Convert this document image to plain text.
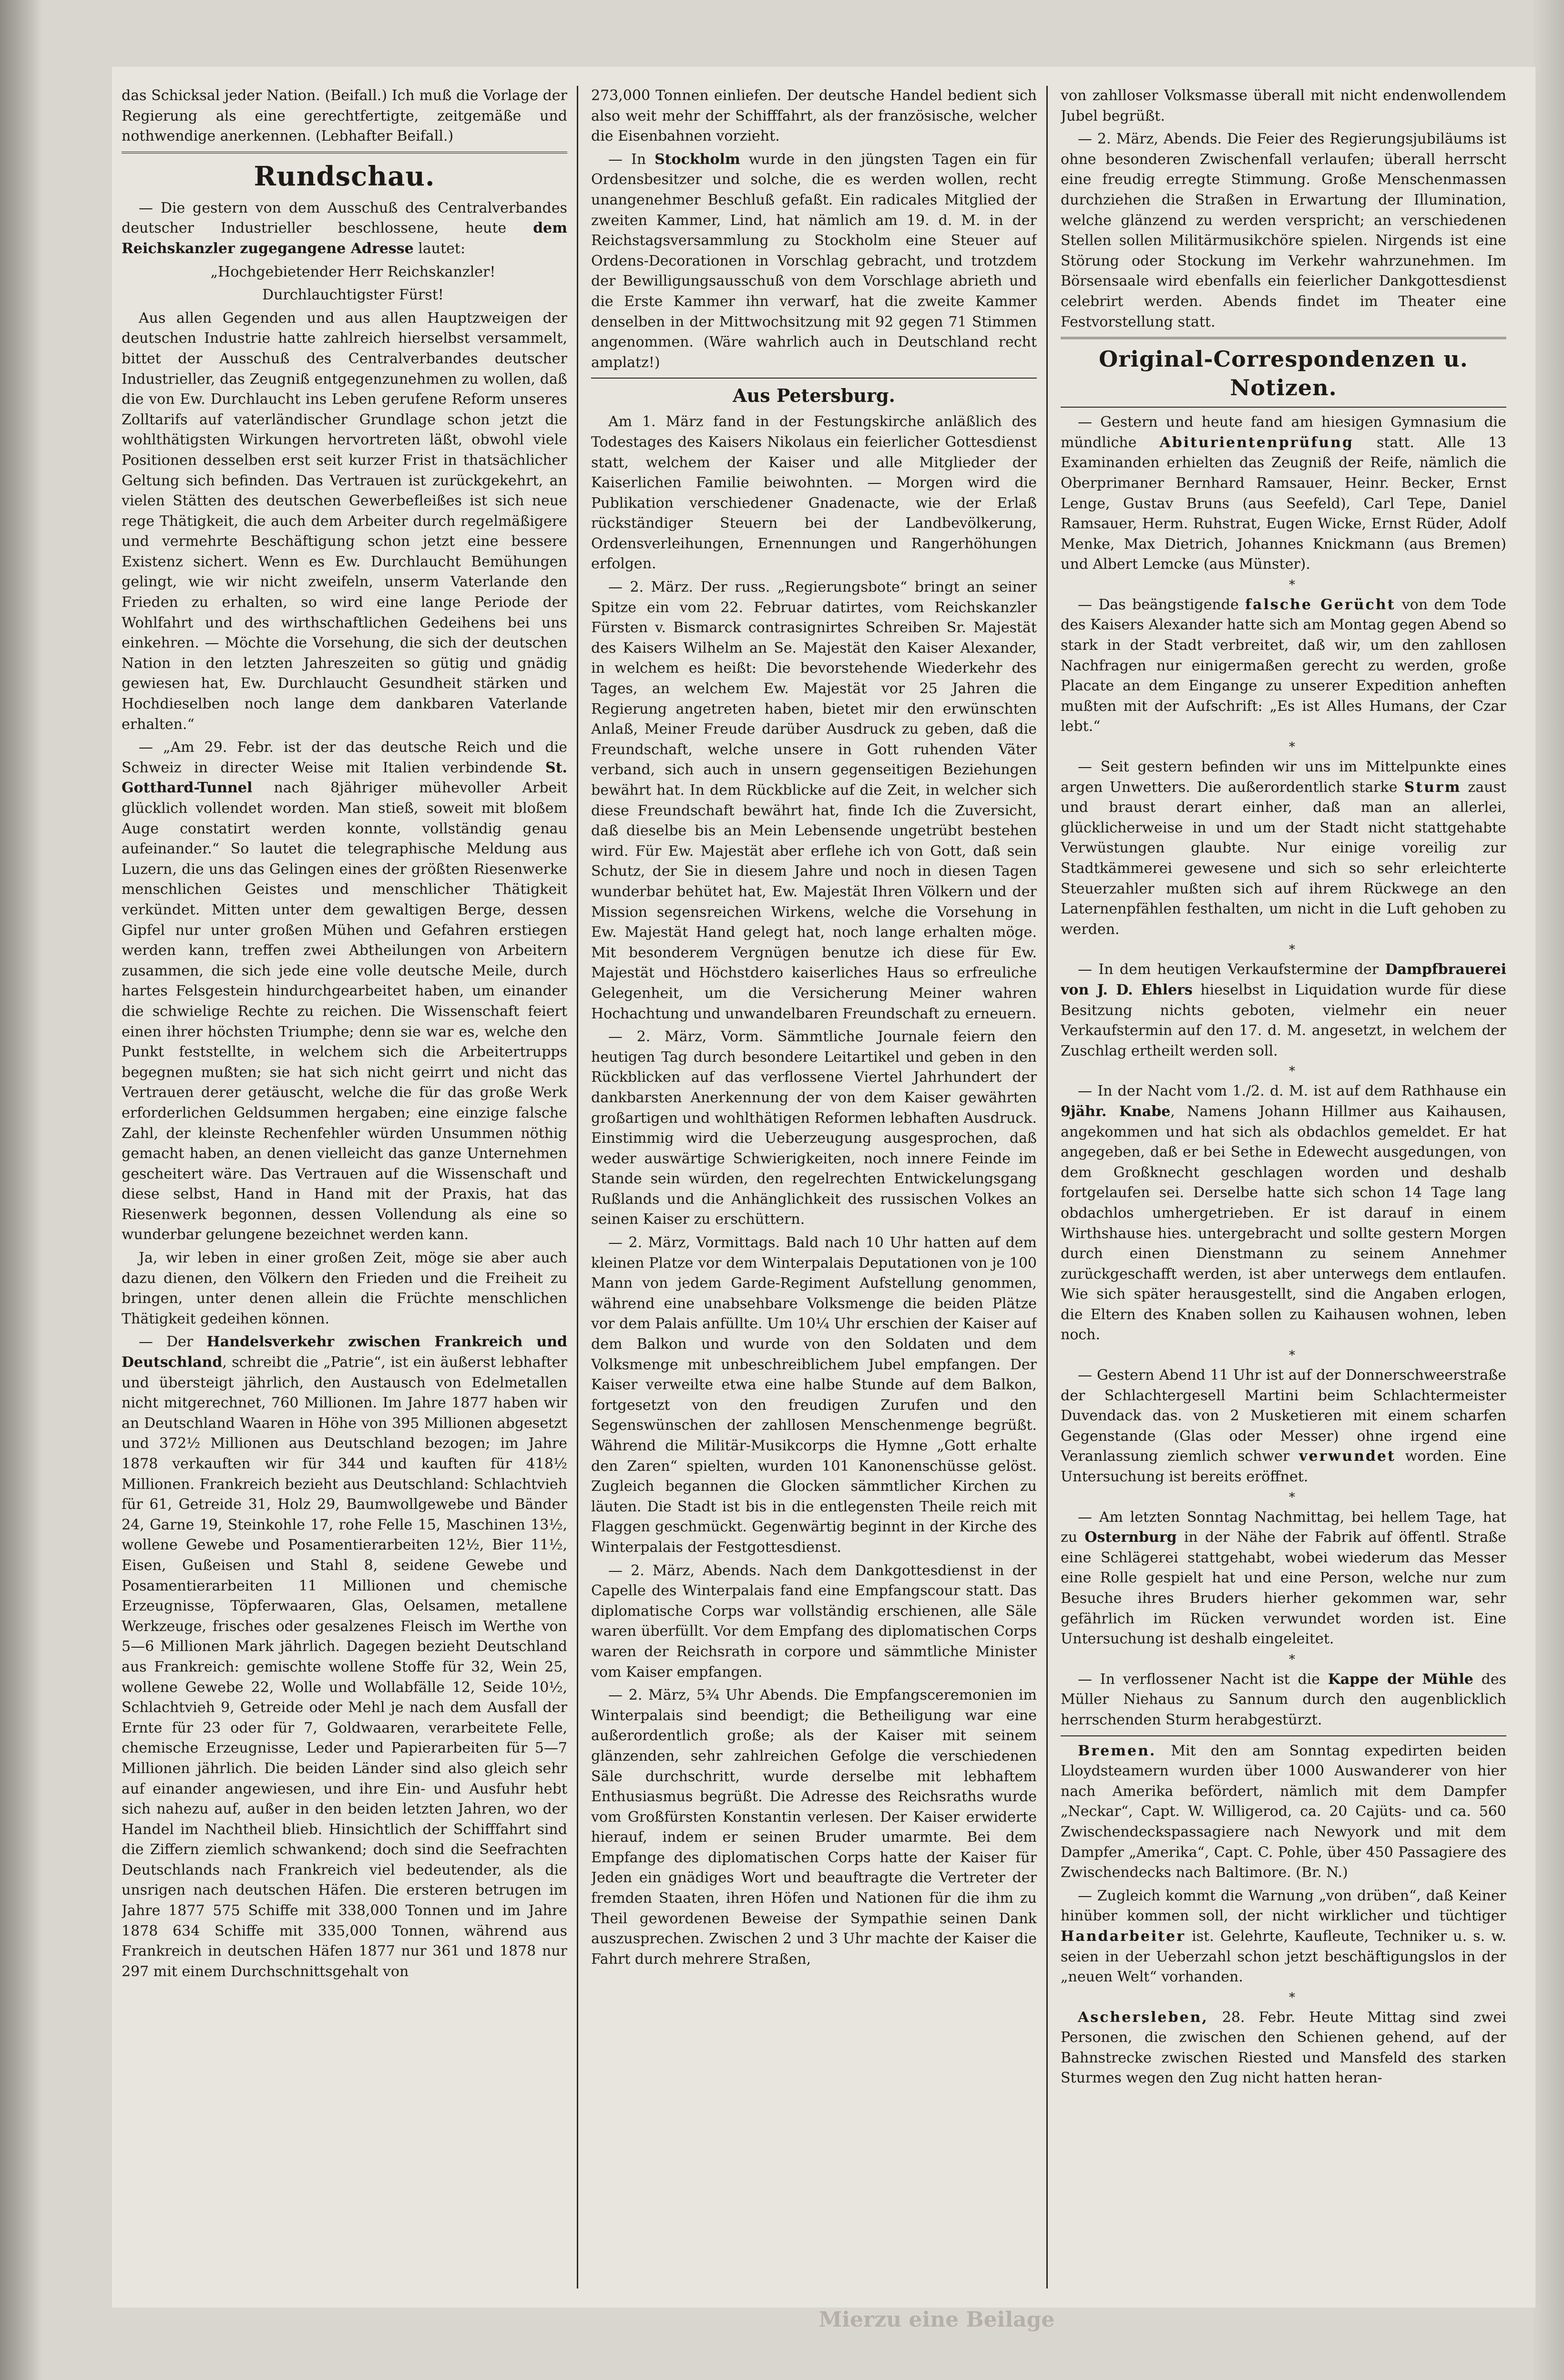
das Schicksal jeder Nation. (Beifall.) Ich muß die Vorlage der Regierung als eine gerechtfertigte, zeitgemäße und nothwendige anerkennen. (Lebhafter Beifall.)

Rundschau.

— Die gestern von dem Ausschuß des Centralverbandes deutscher Industrieller beschlossene, heute dem Reichskanzler zugegangene Adresse lautet:

„Hochgebietender Herr Reichskanzler!

Durchlauchtigster Fürst!

Aus allen Gegenden und aus allen Hauptzweigen der deutschen Industrie hatte zahlreich hierselbst versammelt, bittet der Ausschuß des Centralverbandes deutscher Industrieller, das Zeugniß entgegenzunehmen zu wollen, daß die von Ew. Durchlaucht ins Leben gerufene Reform unseres Zolltarifs auf vaterländischer Grundlage schon jetzt die wohlthätigsten Wirkungen hervortreten läßt, obwohl viele Positionen desselben erst seit kurzer Frist in thatsächlicher Geltung sich befinden. Das Vertrauen ist zurückgekehrt, an vielen Stätten des deutschen Gewerbefleißes ist sich neue rege Thätigkeit, die auch dem Arbeiter durch regelmäßigere und vermehrte Beschäftigung schon jetzt eine bessere Existenz sichert. Wenn es Ew. Durchlaucht Bemühungen gelingt, wie wir nicht zweifeln, unserm Vaterlande den Frieden zu erhalten, so wird eine lange Periode der Wohlfahrt und des wirthschaftlichen Gedeihens bei uns einkehren. — Möchte die Vorsehung, die sich der deutschen Nation in den letzten Jahreszeiten so gütig und gnädig gewiesen hat, Ew. Durchlaucht Gesundheit stärken und Hochdieselben noch lange dem dankbaren Vaterlande erhalten.“

— „Am 29. Febr. ist der das deutsche Reich und die Schweiz in directer Weise mit Italien verbindende St. Gotthard-Tunnel nach 8jähriger mühevoller Arbeit glücklich vollendet worden. Man stieß, soweit mit bloßem Auge constatirt werden konnte, vollständig genau aufeinander.“ So lautet die telegraphische Meldung aus Luzern, die uns das Gelingen eines der größten Riesenwerke menschlichen Geistes und menschlicher Thätigkeit verkündet. Mitten unter dem gewaltigen Berge, dessen Gipfel nur unter großen Mühen und Gefahren erstiegen werden kann, treffen zwei Abtheilungen von Arbeitern zusammen, die sich jede eine volle deutsche Meile, durch hartes Felsgestein hindurchgearbeitet haben, um einander die schwielige Rechte zu reichen. Die Wissenschaft feiert einen ihrer höchsten Triumphe; denn sie war es, welche den Punkt feststellte, in welchem sich die Arbeitertrupps begegnen mußten; sie hat sich nicht geirrt und nicht das Vertrauen derer getäuscht, welche die für das große Werk erforderlichen Geldsummen hergaben; eine einzige falsche Zahl, der kleinste Rechenfehler würden Unsummen nöthig gemacht haben, an denen vielleicht das ganze Unternehmen gescheitert wäre. Das Vertrauen auf die Wissenschaft und diese selbst, Hand in Hand mit der Praxis, hat das Riesenwerk begonnen, dessen Vollendung als eine so wunderbar gelungene bezeichnet werden kann.

Ja, wir leben in einer großen Zeit, möge sie aber auch dazu dienen, den Völkern den Frieden und die Freiheit zu bringen, unter denen allein die Früchte menschlichen Thätigkeit gedeihen können.

— Der Handelsverkehr zwischen Frankreich und Deutschland, schreibt die „Patrie“, ist ein äußerst lebhafter und übersteigt jährlich, den Austausch von Edelmetallen nicht mitgerechnet, 760 Millionen. Im Jahre 1877 haben wir an Deutschland Waaren in Höhe von 395 Millionen abgesetzt und 372½ Millionen aus Deutschland bezogen; im Jahre 1878 verkauften wir für 344 und kauften für 418½ Millionen. Frankreich bezieht aus Deutschland: Schlachtvieh für 61, Getreide 31, Holz 29, Baumwollgewebe und Bänder 24, Garne 19, Steinkohle 17, rohe Felle 15, Maschinen 13½, wollene Gewebe und Posamentierarbeiten 12½, Bier 11½, Eisen, Gußeisen und Stahl 8, seidene Gewebe und Posamentierarbeiten 11 Millionen und chemische Erzeugnisse, Töpferwaaren, Glas, Oelsamen, metallene Werkzeuge, frisches oder gesalzenes Fleisch im Werthe von 5—6 Millionen Mark jährlich. Dagegen bezieht Deutschland aus Frankreich: gemischte wollene Stoffe für 32, Wein 25, wollene Gewebe 22, Wolle und Wollabfälle 12, Seide 10½, Schlachtvieh 9, Getreide oder Mehl je nach dem Ausfall der Ernte für 23 oder für 7, Goldwaaren, verarbeitete Felle, chemische Erzeugnisse, Leder und Papierarbeiten für 5—7 Millionen jährlich. Die beiden Länder sind also gleich sehr auf einander angewiesen, und ihre Ein- und Ausfuhr hebt sich nahezu auf, außer in den beiden letzten Jahren, wo der Handel im Nachtheil blieb. Hinsichtlich der Schifffahrt sind die Ziffern ziemlich schwankend; doch sind die Seefrachten Deutschlands nach Frankreich viel bedeutender, als die unsrigen nach deutschen Häfen. Die ersteren betrugen im Jahre 1877 575 Schiffe mit 338,000 Tonnen und im Jahre 1878 634 Schiffe mit 335,000 Tonnen, während aus Frankreich in deutschen Häfen 1877 nur 361 und 1878 nur 297 mit einem Durchschnittsgehalt von

273,000 Tonnen einliefen. Der deutsche Handel bedient sich also weit mehr der Schifffahrt, als der französische, welcher die Eisenbahnen vorzieht.

— In Stockholm wurde in den jüngsten Tagen ein für Ordensbesitzer und solche, die es werden wollen, recht unangenehmer Beschluß gefaßt. Ein radicales Mitglied der zweiten Kammer, Lind, hat nämlich am 19. d. M. in der Reichstagsversammlung zu Stockholm eine Steuer auf Ordens-Decorationen in Vorschlag gebracht, und trotzdem der Bewilligungsausschuß von dem Vorschlage abrieth und die Erste Kammer ihn verwarf, hat die zweite Kammer denselben in der Mittwochsitzung mit 92 gegen 71 Stimmen angenommen. (Wäre wahrlich auch in Deutschland recht amplatz!)

Aus Petersburg.

Am 1. März fand in der Festungskirche anläßlich des Todestages des Kaisers Nikolaus ein feierlicher Gottesdienst statt, welchem der Kaiser und alle Mitglieder der Kaiserlichen Familie beiwohnten. — Morgen wird die Publikation verschiedener Gnadenacte, wie der Erlaß rückständiger Steuern bei der Landbevölkerung, Ordensverleihungen, Ernennungen und Rangerhöhungen erfolgen.

— 2. März. Der russ. „Regierungsbote“ bringt an seiner Spitze ein vom 22. Februar datirtes, vom Reichskanzler Fürsten v. Bismarck contrasignirtes Schreiben Sr. Majestät des Kaisers Wilhelm an Se. Majestät den Kaiser Alexander, in welchem es heißt: Die bevorstehende Wiederkehr des Tages, an welchem Ew. Majestät vor 25 Jahren die Regierung angetreten haben, bietet mir den erwünschten Anlaß, Meiner Freude darüber Ausdruck zu geben, daß die Freundschaft, welche unsere in Gott ruhenden Väter verband, sich auch in unsern gegenseitigen Beziehungen bewährt hat. In dem Rückblicke auf die Zeit, in welcher sich diese Freundschaft bewährt hat, finde Ich die Zuversicht, daß dieselbe bis an Mein Lebensende ungetrübt bestehen wird. Für Ew. Majestät aber erflehe ich von Gott, daß sein Schutz, der Sie in diesem Jahre und noch in diesen Tagen wunderbar behütet hat, Ew. Majestät Ihren Völkern und der Mission segensreichen Wirkens, welche die Vorsehung in Ew. Majestät Hand gelegt hat, noch lange erhalten möge. Mit besonderem Vergnügen benutze ich diese für Ew. Majestät und Höchstdero kaiserliches Haus so erfreuliche Gelegenheit, um die Versicherung Meiner wahren Hochachtung und unwandelbaren Freundschaft zu erneuern.

— 2. März, Vorm. Sämmtliche Journale feiern den heutigen Tag durch besondere Leitartikel und geben in den Rückblicken auf das verflossene Viertel Jahrhundert der dankbarsten Anerkennung der von dem Kaiser gewährten großartigen und wohlthätigen Reformen lebhaften Ausdruck. Einstimmig wird die Ueberzeugung ausgesprochen, daß weder auswärtige Schwierigkeiten, noch innere Feinde im Stande sein würden, den regelrechten Entwickelungsgang Rußlands und die Anhänglichkeit des russischen Volkes an seinen Kaiser zu erschüttern.

— 2. März, Vormittags. Bald nach 10 Uhr hatten auf dem kleinen Platze vor dem Winterpalais Deputationen von je 100 Mann von jedem Garde-Regiment Aufstellung genommen, während eine unabsehbare Volksmenge die beiden Plätze vor dem Palais anfüllte. Um 10¼ Uhr erschien der Kaiser auf dem Balkon und wurde von den Soldaten und dem Volksmenge mit unbeschreiblichem Jubel empfangen. Der Kaiser verweilte etwa eine halbe Stunde auf dem Balkon, fortgesetzt von den freudigen Zurufen und den Segenswünschen der zahllosen Menschenmenge begrüßt. Während die Militär-Musikcorps die Hymne „Gott erhalte den Zaren“ spielten, wurden 101 Kanonenschüsse gelöst. Zugleich begannen die Glocken sämmtlicher Kirchen zu läuten. Die Stadt ist bis in die entlegensten Theile reich mit Flaggen geschmückt. Gegenwärtig beginnt in der Kirche des Winterpalais der Festgottesdienst.

— 2. März, Abends. Nach dem Dankgottesdienst in der Capelle des Winterpalais fand eine Empfangscour statt. Das diplomatische Corps war vollständig erschienen, alle Säle waren überfüllt. Vor dem Empfang des diplomatischen Corps waren der Reichsrath in corpore und sämmtliche Minister vom Kaiser empfangen.

— 2. März, 5¾ Uhr Abends. Die Empfangsceremonien im Winterpalais sind beendigt; die Betheiligung war eine außerordentlich große; als der Kaiser mit seinem glänzenden, sehr zahlreichen Gefolge die verschiedenen Säle durchschritt, wurde derselbe mit lebhaftem Enthusiasmus begrüßt. Die Adresse des Reichsraths wurde vom Großfürsten Konstantin verlesen. Der Kaiser erwiderte hierauf, indem er seinen Bruder umarmte. Bei dem Empfange des diplomatischen Corps hatte der Kaiser für Jeden ein gnädiges Wort und beauftragte die Vertreter der fremden Staaten, ihren Höfen und Nationen für die ihm zu Theil gewordenen Beweise der Sympathie seinen Dank auszusprechen. Zwischen 2 und 3 Uhr machte der Kaiser die Fahrt durch mehrere Straßen,

von zahlloser Volksmasse überall mit nicht endenwollendem Jubel begrüßt.

— 2. März, Abends. Die Feier des Regierungsjubiläums ist ohne besonderen Zwischenfall verlaufen; überall herrscht eine freudig erregte Stimmung. Große Menschenmassen durchziehen die Straßen in Erwartung der Illumination, welche glänzend zu werden verspricht; an verschiedenen Stellen sollen Militärmusikchöre spielen. Nirgends ist eine Störung oder Stockung im Verkehr wahrzunehmen. Im Börsensaale wird ebenfalls ein feierlicher Dankgottesdienst celebrirt werden. Abends findet im Theater eine Festvorstellung statt.

Original-Correspondenzen u. Notizen.

— Gestern und heute fand am hiesigen Gymnasium die mündliche Abiturientenprüfung statt. Alle 13 Examinanden erhielten das Zeugniß der Reife, nämlich die Oberprimaner Bernhard Ramsauer, Heinr. Becker, Ernst Lenge, Gustav Bruns (aus Seefeld), Carl Tepe, Daniel Ramsauer, Herm. Ruhstrat, Eugen Wicke, Ernst Rüder, Adolf Menke, Max Dietrich, Johannes Knickmann (aus Bremen) und Albert Lemcke (aus Münster).

*

— Das beängstigende falsche Gerücht von dem Tode des Kaisers Alexander hatte sich am Montag gegen Abend so stark in der Stadt verbreitet, daß wir, um den zahllosen Nachfragen nur einigermaßen gerecht zu werden, große Placate an dem Eingange zu unserer Expedition anheften mußten mit der Aufschrift: „Es ist Alles Humans, der Czar lebt.“

*

— Seit gestern befinden wir uns im Mittelpunkte eines argen Unwetters. Die außerordentlich starke Sturm zaust und braust derart einher, daß man an allerlei, glücklicherweise in und um der Stadt nicht stattgehabte Verwüstungen glaubte. Nur einige voreilig zur Stadtkämmerei gewesene und sich so sehr erleichterte Steuerzahler mußten sich auf ihrem Rückwege an den Laternenpfählen festhalten, um nicht in die Luft gehoben zu werden.

*

— In dem heutigen Verkaufstermine der Dampfbrauerei von J. D. Ehlers hieselbst in Liquidation wurde für diese Besitzung nichts geboten, vielmehr ein neuer Verkaufstermin auf den 17. d. M. angesetzt, in welchem der Zuschlag ertheilt werden soll.

*

— In der Nacht vom 1./2. d. M. ist auf dem Rathhause ein 9jähr. Knabe, Namens Johann Hillmer aus Kaihausen, angekommen und hat sich als obdachlos gemeldet. Er hat angegeben, daß er bei Sethe in Edewecht ausgedungen, von dem Großknecht geschlagen worden und deshalb fortgelaufen sei. Derselbe hatte sich schon 14 Tage lang obdachlos umhergetrieben. Er ist darauf in einem Wirthshause hies. untergebracht und sollte gestern Morgen durch einen Dienstmann zu seinem Annehmer zurückgeschafft werden, ist aber unterwegs dem entlaufen. Wie sich später herausgestellt, sind die Angaben erlogen, die Eltern des Knaben sollen zu Kaihausen wohnen, leben noch.

*

— Gestern Abend 11 Uhr ist auf der Donnerschweerstraße der Schlachtergesell Martini beim Schlachtermeister Duvendack das. von 2 Musketieren mit einem scharfen Gegenstande (Glas oder Messer) ohne irgend eine Veranlassung ziemlich schwer verwundet worden. Eine Untersuchung ist bereits eröffnet.

*

— Am letzten Sonntag Nachmittag, bei hellem Tage, hat zu Osternburg in der Nähe der Fabrik auf öffentl. Straße eine Schlägerei stattgehabt, wobei wiederum das Messer eine Rolle gespielt hat und eine Person, welche nur zum Besuche ihres Bruders hierher gekommen war, sehr gefährlich im Rücken verwundet worden ist. Eine Untersuchung ist deshalb eingeleitet.

*

— In verflossener Nacht ist die Kappe der Mühle des Müller Niehaus zu Sannum durch den augenblicklich herrschenden Sturm herabgestürzt.

Bremen. Mit den am Sonntag expedirten beiden Lloydsteamern wurden über 1000 Auswanderer von hier nach Amerika befördert, nämlich mit dem Dampfer „Neckar“, Capt. W. Willigerod, ca. 20 Cajüts- und ca. 560 Zwischendeckspassagiere nach Newyork und mit dem Dampfer „Amerika“, Capt. C. Pohle, über 450 Passagiere des Zwischendecks nach Baltimore. (Br. N.)

— Zugleich kommt die Warnung „von drüben“, daß Keiner hinüber kommen soll, der nicht wirklicher und tüchtiger Handarbeiter ist. Gelehrte, Kaufleute, Techniker u. s. w. seien in der Ueberzahl schon jetzt beschäftigungslos in der „neuen Welt“ vorhanden.

*

Aschersleben, 28. Febr. Heute Mittag sind zwei Personen, die zwischen den Schienen gehend, auf der Bahnstrecke zwischen Riested und Mansfeld des starken Sturmes wegen den Zug nicht hatten heran-

Mierzu eine Beilage
